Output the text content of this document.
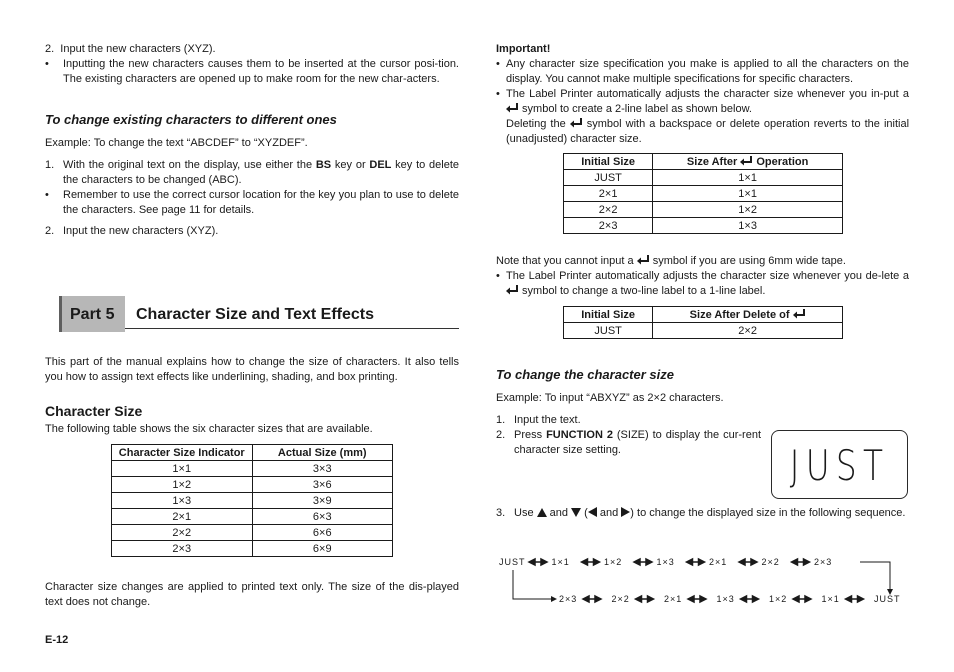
2.  Input the new characters (XYZ).

• Inputting the new characters causes them to be inserted at the cursor posi-tion. The existing characters are opened up to make room for the new char-acters.
To change existing characters to different ones

Example: To change the text “ABCDEF” to “XYZDEF”.

1. With the original text on the display, use either the BS key or DEL key to delete the characters to be changed (ABC).
• Remember to use the correct cursor location for the key you plan to use to delete the characters. See page 11 for details.
2. Input the new characters (XYZ).
Part 5 Character Size and Text Effects
This part of the manual explains how to change the size of characters. It also tells you how to assign text effects like underlining, shading, and box printing.
Character Size
The following table shows the six character sizes that are available.
Character Size Indicator	Actual Size (mm)
1×1	3×3
1×2	3×6
1×3	3×9
2×1	6×3
2×2	6×6
2×3	6×9
Character size changes are applied to printed text only. The size of the dis-played text does not change.
E-12

Important!

• Any character size specification you make is applied to all the characters on the display. You cannot make multiple specifications for specific characters.
• The Label Printer automatically adjusts the character size whenever you in-put a  symbol to create a 2-line label as shown below.
Deleting the  symbol with a backspace or delete operation reverts to the initial (unadjusted) character size.
Initial Size	Size After Operation
JUST	1×1
2×1	1×1
2×2	1×2
2×3	1×3

Note that you cannot input a  symbol if you are using 6mm wide tape.

• The Label Printer automatically adjusts the character size whenever you de-lete a  symbol to change a two-line label to a 1-line label.
Initial Size	Size After Delete of
JUST	2×2
To change the character size

Example: To input “ABXYZ” as 2×2 characters.

1. Input the text.
2. Press FUNCTION 2 (SIZE) to display the cur-rent character size setting.	JUST
3. Use  and  ( and ) to change the displayed size in the following sequence.
JUST	1×1	1×2	1×3	2×1	2×2	2×3
2×3	2×2	2×1	1×3	1×2	1×1	JUST
